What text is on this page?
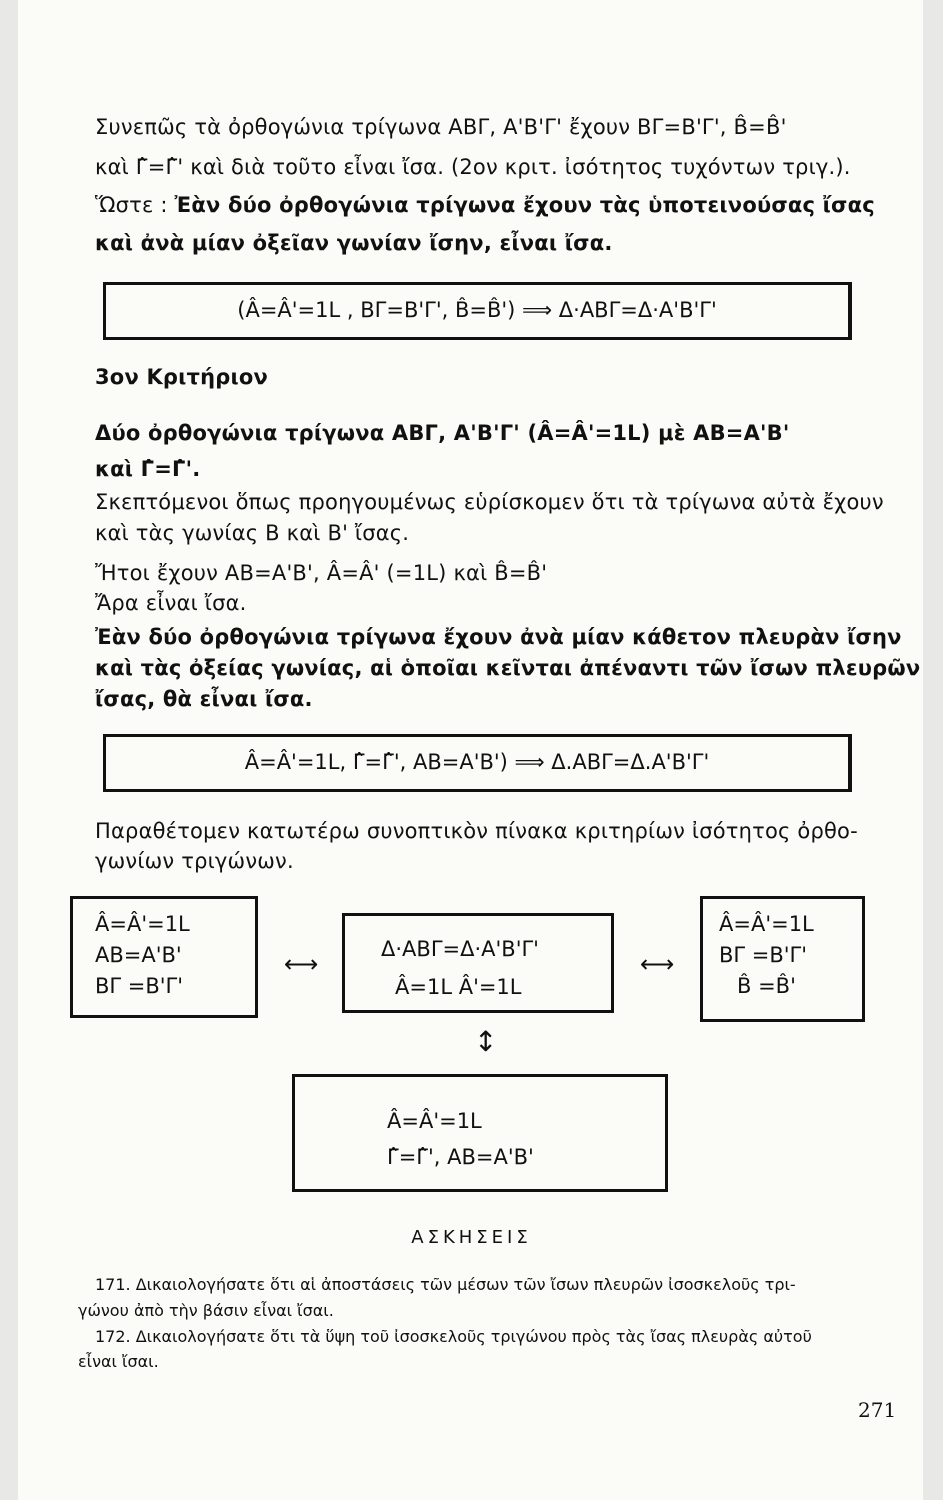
Συνεπῶς τὰ ὀρθογώνια τρίγωνα ΑΒΓ, Α'Β'Γ' ἔχουν ΒΓ=Β'Γ', B̂=B̂'
καὶ Γ̂=Γ̂' καὶ διὰ τοῦτο εἶναι ἴσα. (2ον κριτ. ἰσότητος τυχόντων τριγ.).
Ὥστε : Ἐὰν δύο ὀρθογώνια τρίγωνα ἔχουν τὰς ὑποτεινούσας ἴσας
καὶ ἀνὰ μίαν ὀξεῖαν γωνίαν ἴσην, εἶναι ἴσα.
(Â=Â'=1L , ΒΓ=Β'Γ', B̂=B̂') ⟹ Δ·ΑΒΓ=Δ·Α'Β'Γ'
3ον Κριτήριον
Δύο ὀρθογώνια τρίγωνα ΑΒΓ, Α'Β'Γ' (Â=Â'=1L) μὲ ΑΒ=Α'Β'
καὶ Γ̂=Γ̂'.
Σκεπτόμενοι ὅπως προηγουμένως εὑρίσκομεν ὅτι τὰ τρίγωνα αὐτὰ ἔχουν
καὶ τὰς γωνίας Β καὶ Β' ἴσας.
Ἤτοι ἔχουν ΑΒ=Α'Β', Â=Â' (=1L) καὶ B̂=B̂'
Ἄρα εἶναι ἴσα.
Ἐὰν δύο ὀρθογώνια τρίγωνα ἔχουν ἀνὰ μίαν κάθετον πλευρὰν ἴσην
καὶ τὰς ὀξείας γωνίας, αἱ ὁποῖαι κεῖνται ἀπέναντι τῶν ἴσων πλευρῶν
ἴσας, θὰ εἶναι ἴσα.
Â=Â'=1L, Γ̂=Γ̂', ΑΒ=Α'Β') ⟹ Δ.ΑΒΓ=Δ.Α'Β'Γ'
Παραθέτομεν κατωτέρω συνοπτικὸν πίνακα κριτηρίων ἰσότητος ὀρθο-
γωνίων τριγώνων.
Â=Â'=1L
ΑΒ=Α'Β'
ΒΓ =Β'Γ'
⟷
Δ·ΑΒΓ=Δ·Α'Β'Γ'
Â=1L Â'=1L
⟷
Â=Â'=1L
ΒΓ =Β'Γ'
B̂ =B̂'
↕
Â=Â'=1L
Γ̂=Γ̂', ΑΒ=Α'Β'
ΑΣΚΗΣΕΙΣ
171. Δικαιολογήσατε ὅτι αἱ ἀποστάσεις τῶν μέσων τῶν ἴσων πλευρῶν ἰσοσκελοῦς τρι-
γώνου ἀπὸ τὴν βάσιν εἶναι ἴσαι.
172. Δικαιολογήσατε ὅτι τὰ ὕψη τοῦ ἰσοσκελοῦς τριγώνου πρὸς τὰς ἴσας πλευρὰς αὐτοῦ
εἶναι ἴσαι.
271
